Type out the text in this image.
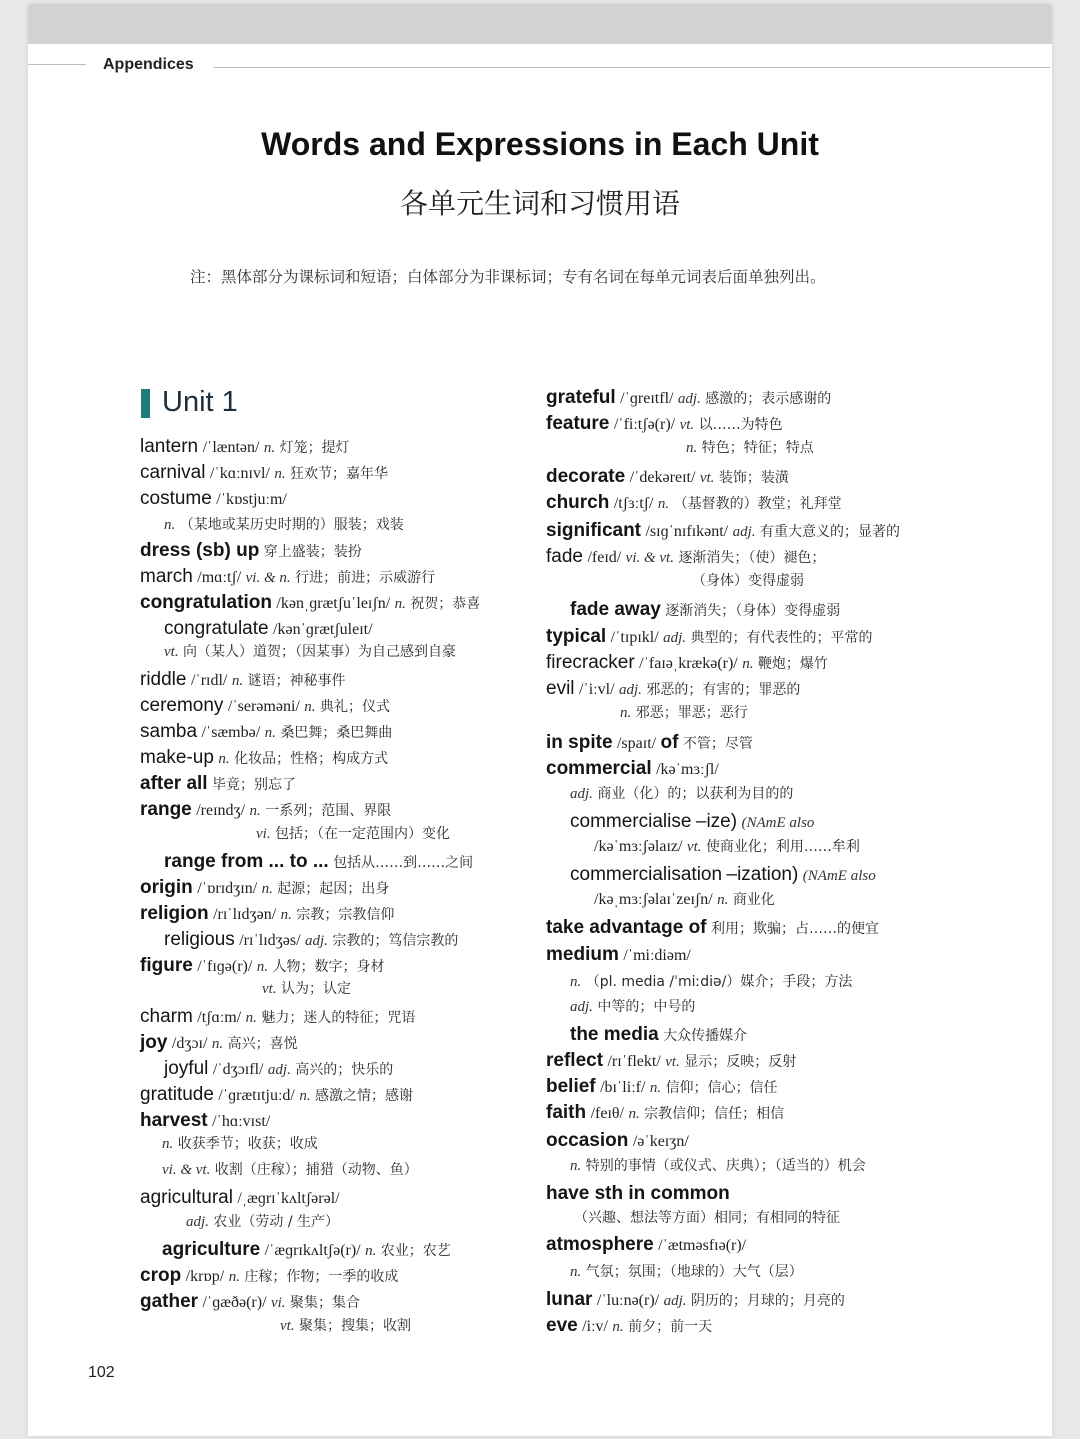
Appendices
Words and Expressions in Each Unit
各单元生词和习惯用语
注：黑体部分为课标词和短语；白体部分为非课标词；专有名词在每单元词表后面单独列出。
Unit 1
lantern /ˈlæntən/ n. 灯笼；提灯
carnival /ˈkɑːnɪvl/ n. 狂欢节；嘉年华
costume /ˈkɒstjuːm/
n. （某地或某历史时期的）服装；戏装
dress (sb) up 穿上盛装；装扮
march /mɑːtʃ/ vi. & n. 行进；前进；示威游行
congratulation /kənˌɡrætʃuˈleɪʃn/ n. 祝贺；恭喜
congratulate /kənˈɡrætʃuleɪt/
vt. 向（某人）道贺；（因某事）为自己感到自豪
riddle /ˈrɪdl/ n. 谜语；神秘事件
ceremony /ˈserəməni/ n. 典礼；仪式
samba /ˈsæmbə/ n. 桑巴舞；桑巴舞曲
make-up n. 化妆品；性格；构成方式
after all 毕竟；别忘了
range /reɪndʒ/ n. 一系列；范围、界限
vi. 包括；（在一定范围内）变化
range from ... to ... 包括从……到……之间
origin /ˈɒrɪdʒɪn/ n. 起源；起因；出身
religion /rɪˈlɪdʒən/ n. 宗教；宗教信仰
religious /rɪˈlɪdʒəs/ adj. 宗教的；笃信宗教的
figure /ˈfɪɡə(r)/ n. 人物；数字；身材
vt. 认为；认定
charm /tʃɑːm/ n. 魅力；迷人的特征；咒语
joy /dʒɔɪ/ n. 高兴；喜悦
joyful /ˈdʒɔɪfl/ adj. 高兴的；快乐的
gratitude /ˈɡrætɪtjuːd/ n. 感激之情；感谢
harvest /ˈhɑːvɪst/
n. 收获季节；收获；收成
vi. & vt. 收割（庄稼）；捕猎（动物、鱼）
agricultural /ˌæɡrɪˈkʌltʃərəl/
adj. 农业（劳动 / 生产）
agriculture /ˈæɡrɪkʌltʃə(r)/ n. 农业；农艺
crop /krɒp/ n. 庄稼；作物；一季的收成
gather /ˈɡæðə(r)/ vi. 聚集；集合
vt. 聚集；搜集；收割
grateful /ˈɡreɪtfl/ adj. 感激的；表示感谢的
feature /ˈfiːtʃə(r)/ vt. 以……为特色
n. 特色；特征；特点
decorate /ˈdekəreɪt/ vt. 装饰；装潢
church /tʃɜːtʃ/ n. （基督教的）教堂；礼拜堂
significant /sɪɡˈnɪfɪkənt/ adj. 有重大意义的；显著的
fade /feɪd/ vi. & vt. 逐渐消失；（使）褪色；
（身体）变得虚弱
fade away 逐渐消失；（身体）变得虚弱
typical /ˈtɪpɪkl/ adj. 典型的；有代表性的；平常的
firecracker /ˈfaɪəˌkrækə(r)/ n. 鞭炮；爆竹
evil /ˈiːvl/ adj. 邪恶的；有害的；罪恶的
n. 邪恶；罪恶；恶行
in spite /spaɪt/ of 不管；尽管
commercial /kəˈmɜːʃl/
adj. 商业（化）的；以获利为目的的
commercialise –ize) (NAmE also
/kəˈmɜːʃəlaɪz/ vt. 使商业化；利用……牟利
commercialisation –ization) (NAmE also
/kəˌmɜːʃəlaɪˈzeɪʃn/ n. 商业化
take advantage of 利用；欺骗；占……的便宜
medium /ˈmiːdiəm/
n. （pl. media /ˈmiːdiə/）媒介；手段；方法
adj. 中等的；中号的
the media 大众传播媒介
reflect /rɪˈflekt/ vt. 显示；反映；反射
belief /bɪˈliːf/ n. 信仰；信心；信任
faith /feɪθ/ n. 宗教信仰；信任；相信
occasion /əˈkeɪʒn/
n. 特别的事情（或仪式、庆典）；（适当的）机会
have sth in common
（兴趣、想法等方面）相同；有相同的特征
atmosphere /ˈætməsfɪə(r)/
n. 气氛；氛围；（地球的）大气（层）
lunar /ˈluːnə(r)/ adj. 阴历的；月球的；月亮的
eve /iːv/ n. 前夕；前一天
102
